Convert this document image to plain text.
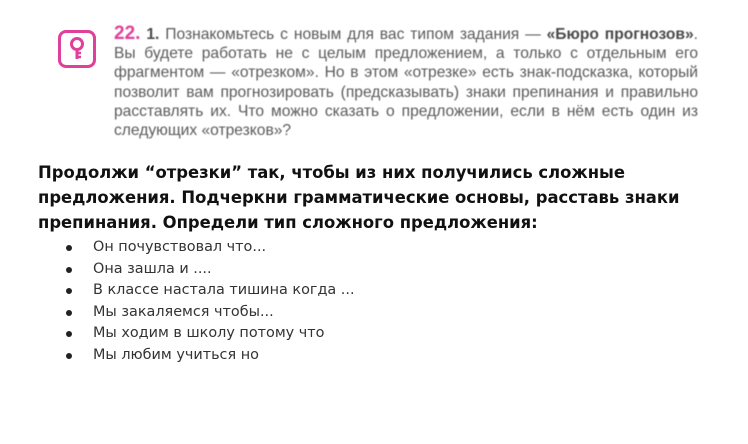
22. 1. Познакомьтесь с новым для вас типом задания — «Бюро прогнозов». Вы будете работать не с целым предложением, а только с отдельным его фрагментом — «отрезком». Но в этом «отрезке» есть знак-подсказка, который позволит вам прогнозировать (предсказывать) знаки препинания и правильно расставлять их. Что можно сказать о предложении, если в нём есть один из следующих «отрезков»?

Продолжи “отрезки” так, чтобы из них получились сложные предложения. Подчеркни грамматические основы, расставь знаки препинания. Определи тип сложного предложения:

Он почувствовал что...
Она зашла и ....
В классе настала тишина когда ...
Мы закаляемся чтобы...
Мы ходим в школу потому что
Мы любим учиться но
